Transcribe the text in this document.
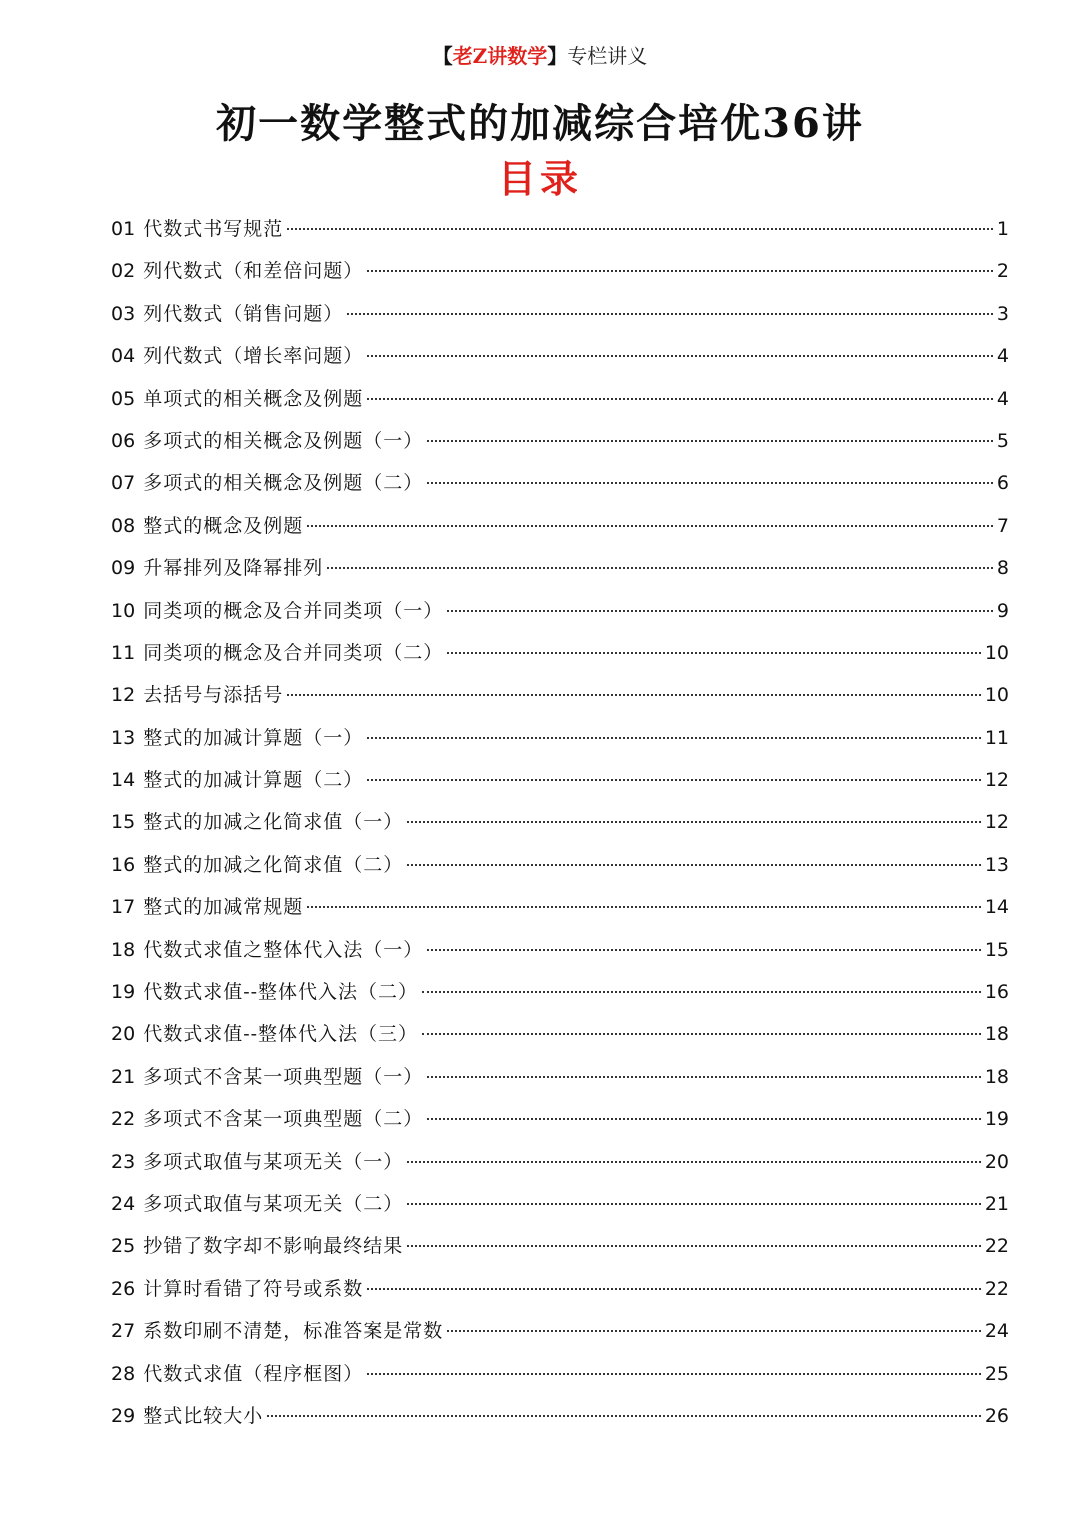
【老Z讲数学】专栏讲义
初一数学整式的加减综合培优36讲
目录
01 代数式书写规范	1
02 列代数式（和差倍问题）	2
03 列代数式（销售问题）	3
04 列代数式（增长率问题）	4
05 单项式的相关概念及例题	4
06 多项式的相关概念及例题（一）	5
07 多项式的相关概念及例题（二）	6
08 整式的概念及例题	7
09 升幂排列及降幂排列	8
10 同类项的概念及合并同类项（一）	9
11 同类项的概念及合并同类项（二）	10
12 去括号与添括号	10
13 整式的加减计算题（一）	11
14 整式的加减计算题（二）	12
15 整式的加减之化简求值（一）	12
16 整式的加减之化简求值（二）	13
17 整式的加减常规题	14
18 代数式求值之整体代入法（一）	15
19 代数式求值--整体代入法（二）	16
20 代数式求值--整体代入法（三）	18
21 多项式不含某一项典型题（一）	18
22 多项式不含某一项典型题（二）	19
23 多项式取值与某项无关（一）	20
24 多项式取值与某项无关（二）	21
25 抄错了数字却不影响最终结果	22
26 计算时看错了符号或系数	22
27 系数印刷不清楚，标准答案是常数	24
28 代数式求值（程序框图）	25
29 整式比较大小	26
